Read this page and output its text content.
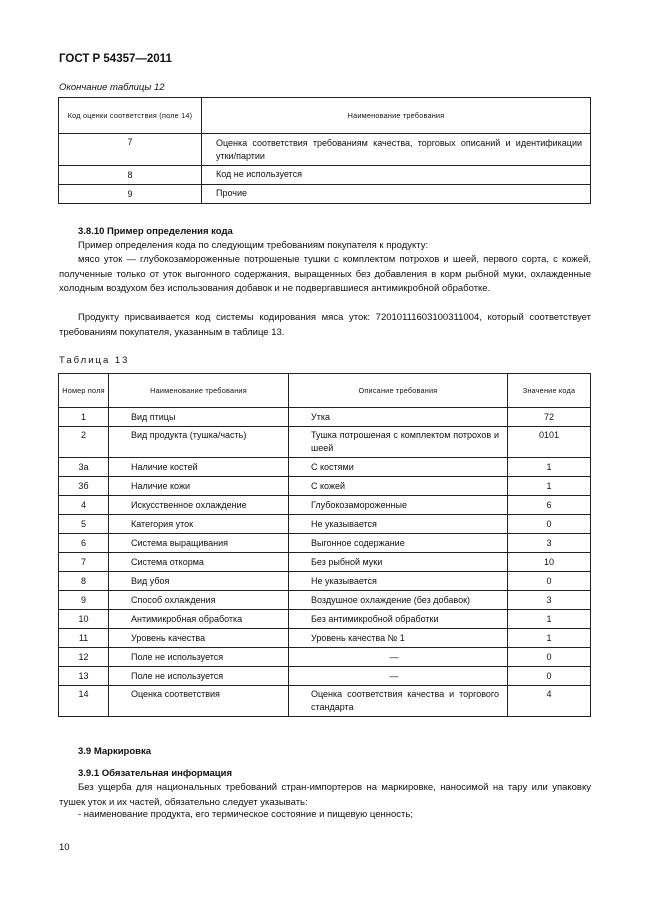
ГОСТ Р 54357—2011
Окончание таблицы 12
Код оценки соответствия (поле 14)	Наименование требования
7	Оценка соответствия требованиям качества, торговых описаний и идентификации утки/партии
8	Код не используется
9	Прочие
3.8.10 Пример определения кода
Пример определения кода по следующим требованиям покупателя к продукту:
мясо уток — глубокозамороженные потрошеные тушки с комплектом потрохов и шеей, первого сорта, с кожей, полученные только от уток выгонного содержания, выращенных без добавления в корм рыбной муки, охлажденные холодным воздухом без использования добавок и не подвергавшиеся антимикробной обработке.
Продукту присваивается код системы кодирования мяса уток: 72010111603100311004, который соответствует требованиям покупателя, указанным в таблице 13.
Таблица 13
Номер поля	Наименование требования	Описание требования	Значение кода
1	Вид птицы	Утка	72
2	Вид продукта (тушка/часть)	Тушка потрошеная с комплектом потрохов и шеей	0101
3а	Наличие костей	С костями	1
3б	Наличие кожи	С кожей	1
4	Искусственное охлаждение	Глубокозамороженные	6
5	Категория уток	Не указывается	0
6	Система выращивания	Выгонное содержание	3
7	Система откорма	Без рыбной муки	10
8	Вид убоя	Не указывается	0
9	Способ охлаждения	Воздушное охлаждение (без добавок)	3
10	Антимикробная обработка	Без антимикробной обработки	1
11	Уровень качества	Уровень качества № 1	1
12	Поле не используется	—	0
13	Поле не используется	—	0
14	Оценка соответствия	Оценка соответствия качества и торгового стандарта	4
3.9 Маркировка
3.9.1 Обязательная информация
Без ущерба для национальных требований стран-импортеров на маркировке, наносимой на тару или упаковку тушек уток и их частей, обязательно следует указывать:
- наименование продукта, его термическое состояние и пищевую ценность;
10
